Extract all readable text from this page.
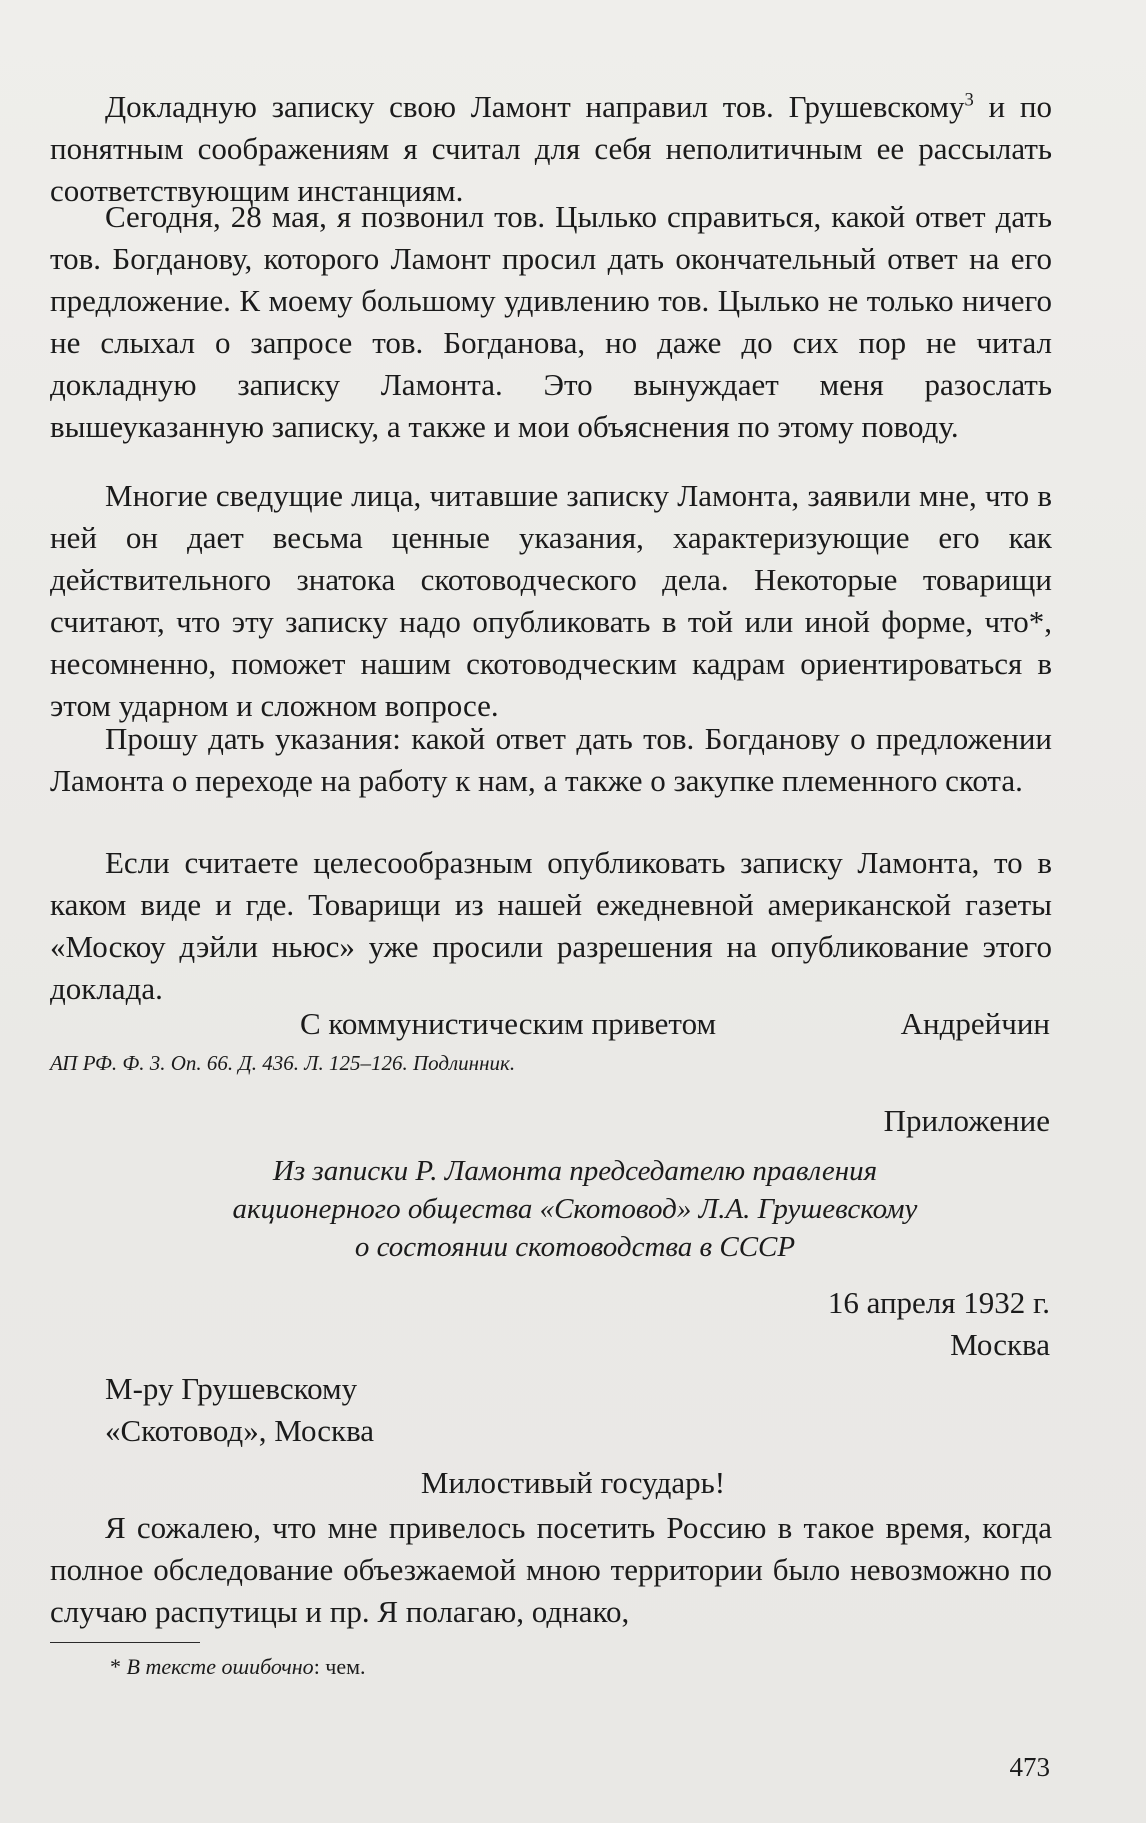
Докладную записку свою Ламонт направил тов. Грушевскому$^3$ и по понятным соображениям я считал для себя неполитичным ее рассылать соответствующим инстанциям.

Сегодня, 28 мая, я позвонил тов. Цылько справиться, какой ответ дать тов. Богданову, которого Ламонт просил дать окончательный ответ на его предложение. К моему большому удивлению тов. Цылько не только ничего не слыхал о запросе тов. Богданова, но даже до сих пор не читал докладную записку Ламонта. Это вынуждает меня разослать вышеуказанную записку, а также и мои объяснения по этому поводу.

Многие сведущие лица, читавшие записку Ламонта, заявили мне, что в ней он дает весьма ценные указания, характеризующие его как действительного знатока скотоводческого дела. Некоторые товарищи считают, что эту записку надо опубликовать в той или иной форме, что*, несомненно, поможет нашим скотоводческим кадрам ориентироваться в этом ударном и сложном вопросе.

Прошу дать указания: какой ответ дать тов. Богданову о предложении Ламонта о переходе на работу к нам, а также о закупке племенного скота.

Если считаете целесообразным опубликовать записку Ламонта, то в каком виде и где. Товарищи из нашей ежедневной американской газеты «Москоу дэйли ньюс» уже просили разрешения на опубликование этого доклада.

С коммунистическим приветом	Андрейчин
АП РФ. Ф. 3. Оп. 66. Д. 436. Л. 125–126. Подлинник.
Приложение
Из записки Р. Ламонта председателю правления
акционерного общества «Скотовод» Л.А. Грушевскому
о состоянии скотоводства в СССР
16 апреля 1932 г.
Москва
М-ру Грушевскому
«Скотовод», Москва
Милостивый государь!

Я сожалею, что мне привелось посетить Россию в такое время, когда полное обследование объезжаемой мною территории было невозможно по случаю распутицы и пр. Я полагаю, однако,

* В тексте ошибочно: чем.
473
